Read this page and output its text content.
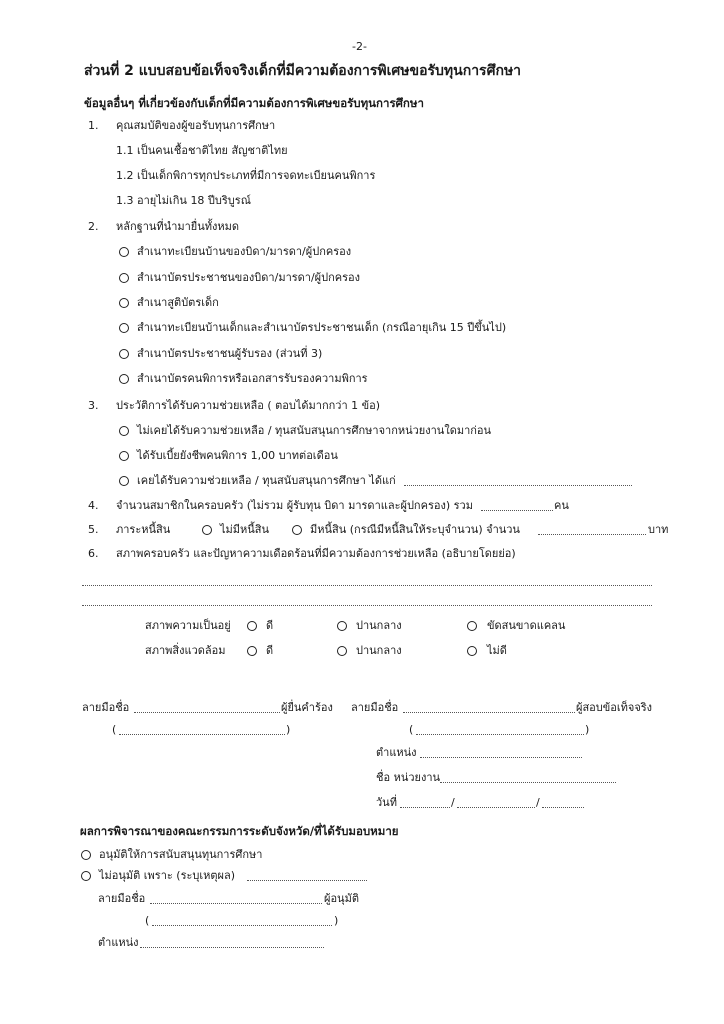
-2-
ส่วนที่ 2 แบบสอบข้อเท็จจริงเด็กที่มีความต้องการพิเศษขอรับทุนการศึกษา
ข้อมูลอื่นๆ ที่เกี่ยวข้องกับเด็กที่มีความต้องการพิเศษขอรับทุนการศึกษา
1. คุณสมบัติของผู้ขอรับทุนการศึกษา
1.1 เป็นคนเชื้อชาติไทย สัญชาติไทย
1.2 เป็นเด็กพิการทุกประเภทที่มีการจดทะเบียนคนพิการ
1.3 อายุไม่เกิน 18 ปีบริบูรณ์
2. หลักฐานที่นำมายื่นทั้งหมด
สำเนาทะเบียนบ้านของบิดา/มารดา/ผู้ปกครอง
สำเนาบัตรประชาชนของบิดา/มารดา/ผู้ปกครอง
สำเนาสูติบัตรเด็ก
สำเนาทะเบียนบ้านเด็กและสำเนาบัตรประชาชนเด็ก (กรณีอายุเกิน 15 ปีขึ้นไป)
สำเนาบัตรประชาชนผู้รับรอง (ส่วนที่ 3)
สำเนาบัตรคนพิการหรือเอกสารรับรองความพิการ
3. ประวัติการได้รับความช่วยเหลือ ( ตอบได้มากกว่า 1 ข้อ)
ไม่เคยได้รับความช่วยเหลือ / ทุนสนับสนุนการศึกษาจากหน่วยงานใดมาก่อน
ได้รับเบี้ยยังชีพคนพิการ 1,00 บาทต่อเดือน
เคยได้รับความช่วยเหลือ / ทุนสนับสนุนการศึกษา ได้แก่
4. จำนวนสมาชิกในครอบครัว (ไม่รวม ผู้รับทุน บิดา มารดาและผู้ปกครอง) รวม	คน
5. ภาระหนี้สิน	ไม่มีหนี้สิน	มีหนี้สิน (กรณีมีหนี้สินให้ระบุจำนวน) จำนวน	บาท
6. สภาพครอบครัว และปัญหาความเดือดร้อนที่มีความต้องการช่วยเหลือ (อธิบายโดยย่อ)
สภาพความเป็นอยู่	ดี	ปานกลาง	ขัดสนขาดแคลน
สภาพสิ่งแวดล้อม	ดี	ปานกลาง	ไม่ดี
ลายมือชื่อ	ผู้ยื่นคำร้อง
(	)
ลายมือชื่อ	ผู้สอบข้อเท็จจริง
(	)
ตำแหน่ง
ชื่อ หน่วยงาน
วันที่	/	/
ผลการพิจารณาของคณะกรรมการระดับจังหวัด/ที่ได้รับมอบหมาย
อนุมัติให้การสนับสนุนทุนการศึกษา
ไม่อนุมัติ เพราะ (ระบุเหตุผล)
ลายมือชื่อ	ผู้อนุมัติ
(	)
ตำแหน่ง
